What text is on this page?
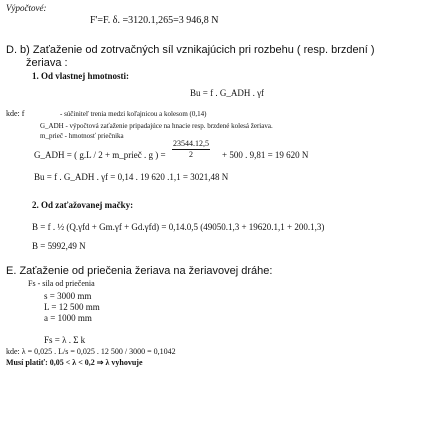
Výpočtové:
F'=F. δ. =3120.1,265=3 946,8 N
D. b) Zaťaženie od zotrvačných síl vznikajúcich pri rozbehu ( resp. brzdení )
žeriava :
1. Od vlastnej hmotnosti:
Bu = f . G_ADH . γf
kde: f	- súčiniteľ trenia medzi koľajnicou a kolesom (0,14)
G_ADH - výpočtová zaťaženie pripadajúce na hnacie resp. brzdené kolesá žeriava.
m_prieč - hmotnosť priečnika
G_ADH = ( g.L / 2 + m_prieč . g ) = $\frac{23544.12,5}{2} + 500$ . 9,81 = 19 620 N
Bu = f . G_ADH . γf = 0,14 . 19 620 .1,1 = 3021,48 N
2. Od zaťažovanej mačky:
B = f . ½ (Q.γfd + Gm.γf + Gd.γfd) = 0,14.0,5 (49050.1,3 + 19620.1,1 + 200.1,3)
B = 5992,49 N
E. Zaťaženie od priečenia žeriava na žeriavovej dráhe:
Fs - sila od priečenia
s = 3000 mm
L = 12 500 mm
a = 1000 mm
Fs = λ . Σ k
kde: λ = 0,025 . L/s = 0,025 . 12 500 / 3000 = 0,1042
Musí platiť: 0,05 < λ < 0,2 ⇒ λ vyhovuje
